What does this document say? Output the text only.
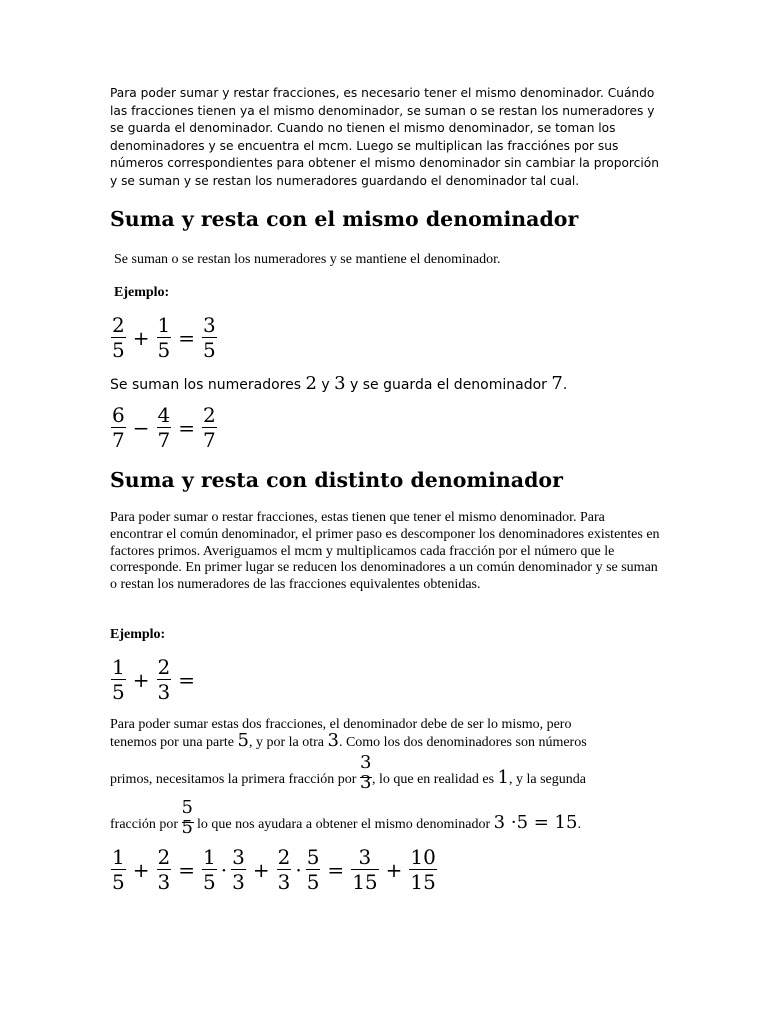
Para poder sumar y restar fracciones, es necesario tener el mismo denominador. Cuándo las fracciones tienen ya el mismo denominador, se suman o se restan los numeradores y se guarda el denominador. Cuando no tienen el mismo denominador, se toman los denominadores y se encuentra el mcm. Luego se multiplican las fracciónes por sus números correspondientes para obtener el mismo denominador sin cambiar la proporción y se suman y se restan los numeradores guardando el denominador tal cual.

Suma y resta con el mismo denominador

Se suman o se restan los numeradores y se mantiene el denominador.

Ejemplo:

$\frac{2}{5} + \frac{1}{5} = \frac{3}{5}$

Se suman los numeradores 2 y 3 y se guarda el denominador 7.

$\frac{6}{7} - \frac{4}{7} = \frac{2}{7}$
Suma y resta con distinto denominador

Para poder sumar o restar fracciones, estas tienen que tener el mismo denominador. Para encontrar el común denominador, el primer paso es descomponer los denominadores existentes en factores primos. Averiguamos el mcm y multiplicamos cada fracción por el número que le corresponde. En primer lugar se reducen los denominadores a un común denominador y se suman o restan los numeradores de las fracciones equivalentes obtenidas.

Ejemplo:

$\frac{1}{5} + \frac{2}{3}$ =

Para poder sumar estas dos fracciones, el denominador debe de ser lo mismo, pero

tenemos por una parte 5, y por la otra 3. Como los dos denominadores son números

primos, necesitamos la primera fracción por
$\frac{3}{3}$
, lo que en realidad es 1, y la segunda
fracción por
$\frac{5}{5}$
lo que nos ayudara a obtener el mismo denominador 3 ·5 = 15.
$\frac{1}{5} + \frac{2}{3} = \frac{1}{5} \cdot \frac{3}{3} + \frac{2}{3} \cdot \frac{5}{5} = \frac{3}{15} + \frac{10}{15}$
